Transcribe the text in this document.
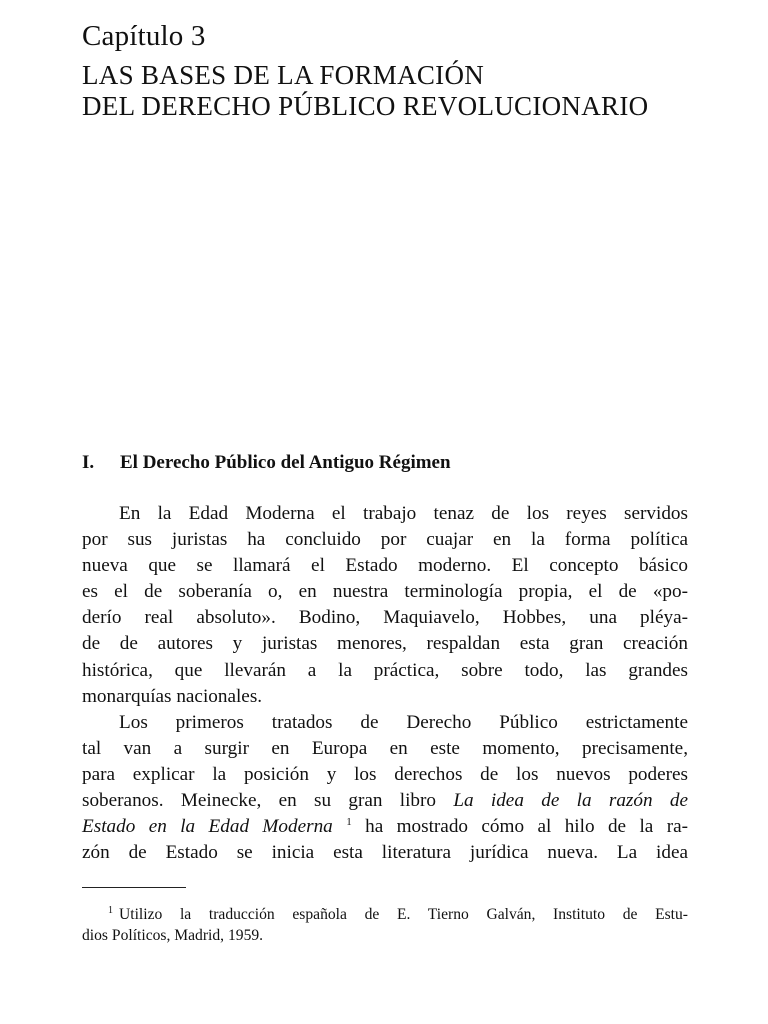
Capítulo 3
LAS BASES DE LA FORMACIÓN
DEL DERECHO PÚBLICO REVOLUCIONARIO
I. El Derecho Público del Antiguo Régimen
En la Edad Moderna el trabajo tenaz de los reyes servidos
por sus juristas ha concluido por cuajar en la forma política
nueva que se llamará el Estado moderno. El concepto básico
es el de soberanía o, en nuestra terminología propia, el de «po-
derío real absoluto». Bodino, Maquiavelo, Hobbes, una pléya-
de de autores y juristas menores, respaldan esta gran creación
histórica, que llevarán a la práctica, sobre todo, las grandes
monarquías nacionales.
Los primeros tratados de Derecho Público estrictamente
tal van a surgir en Europa en este momento, precisamente,
para explicar la posición y los derechos de los nuevos poderes
soberanos. Meinecke, en su gran libro La idea de la razón de
Estado en la Edad Moderna $^1$ ha mostrado cómo al hilo de la ra-
zón de Estado se inicia esta literatura jurídica nueva. La idea
$^1$ Utilizo la traducción española de E. Tierno Galván, Instituto de Estu-
dios Políticos, Madrid, 1959.
